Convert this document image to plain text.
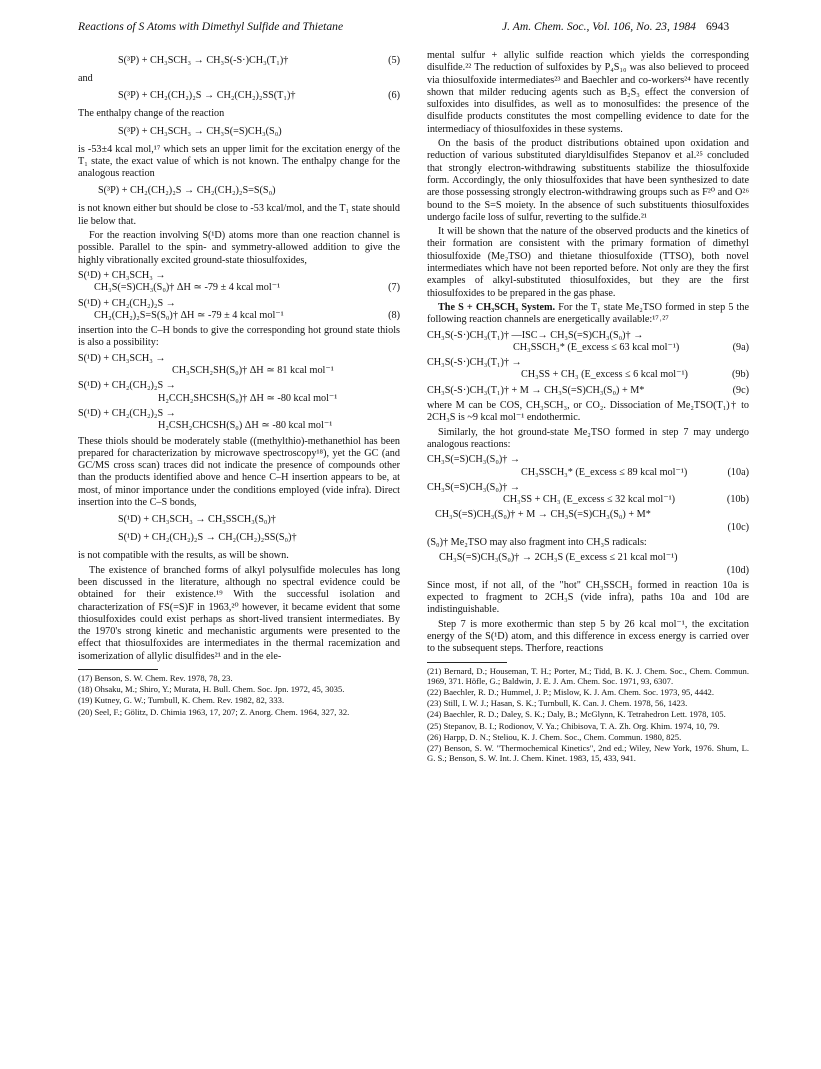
Reactions of S Atoms with Dimethyl Sulfide and Thietane	J. Am. Chem. Soc., Vol. 106, No. 23, 1984 6943
S(³P) + CH₃SCH₃ → CH₃S(-S·)CH₃(T₁)†	(5)
and
S(³P) + CH₂(CH₂)₂S → CH₂(CH₂)₂SS(T₁)†	(6)
The enthalpy change of the reaction
S(³P) + CH₃SCH₃ → CH₃S(=S)CH₃(S₀)
is -53±4 kcal mol,¹⁷ which sets an upper limit for the excitation energy of the T₁ state, the exact value of which is not known. The enthalpy change for the analogous reaction
S(³P) + CH₂(CH₂)₂S → CH₂(CH₂)₂S=S(S₀)
is not known either but should be close to -53 kcal/mol, and the T₁ state should lie below that.
For the reaction involving S(¹D) atoms more than one reaction channel is possible. Parallel to the spin- and symmetry-allowed addition to give the highly vibrationally excited ground-state thiosulfoxides,
S(¹D) + CH₃SCH₃ →
CH₃S(=S)CH₃(S₀)† ΔH ≃ -79 ± 4 kcal mol⁻¹	(7)
S(¹D) + CH₂(CH₂)₂S →
CH₂(CH₂)₂S=S(S₀)† ΔH ≃ -79 ± 4 kcal mol⁻¹	(8)
insertion into the C–H bonds to give the corresponding hot ground state thiols is also a possibility:
S(¹D) + CH₃SCH₃ →
CH₃SCH₂SH(S₀)† ΔH ≃ 81 kcal mol⁻¹
S(¹D) + CH₂(CH₂)₂S →
H₂CCH₂SHCSH(S₀)† ΔH ≃ -80 kcal mol⁻¹
S(¹D) + CH₂(CH₂)₂S →
H₂CSH₂CHCSH(S₀) ΔH ≃ -80 kcal mol⁻¹
These thiols should be moderately stable ((methylthio)-methanethiol has been prepared for characterization by microwave spectroscopy¹⁸), yet the GC (and GC/MS cross scan) traces did not indicate the presence of compounds other than the products identified above and hence C–H insertion appears to be, at most, of minor importance under the conditions employed (vide infra). Direct insertion into the C–S bonds,
S(¹D) + CH₃SCH₃ → CH₃SSCH₃(S₀)†
S(¹D) + CH₂(CH₂)₂S → CH₂(CH₂)₂SS(S₀)†
is not compatible with the results, as will be shown.
The existence of branched forms of alkyl polysulfide molecules has long been discussed in the literature, although no spectral evidence could be obtained for their existence.¹⁹ With the successful isolation and characterization of FS(=S)F in 1963,²⁰ however, it became evident that some thiosulfoxides could exist perhaps as short-lived transient intermediates. By the 1970's strong kinetic and mechanistic arguments were presented to the effect that thiosulfoxides are intermediates in the thermal racemization and isomerization of allylic disulfides²¹ and in the ele-
(17) Benson, S. W. Chem. Rev. 1978, 78, 23.
(18) Ohsaku, M.; Shiro, Y.; Murata, H. Bull. Chem. Soc. Jpn. 1972, 45, 3035.
(19) Kutney, G. W.; Turnbull, K. Chem. Rev. 1982, 82, 333.
(20) Seel, F.; Gölitz, D. Chimia 1963, 17, 207; Z. Anorg. Chem. 1964, 327, 32.
mental sulfur + allylic sulfide reaction which yields the corresponding disulfide.²² The reduction of sulfoxides by P₄S₁₀ was also believed to proceed via thiosulfoxide intermediates²³ and Baechler and co-workers²⁴ have recently shown that milder reducing agents such as B₂S₃ effect the conversion of sulfoxides into disulfides, as well as to monosulfides: the presence of the disulfide products constitutes the most compelling evidence to date for the intermediacy of thiosulfoxides in these systems.
On the basis of the product distributions obtained upon oxidation and reduction of various substituted diaryldisulfides Stepanov et al.²⁵ concluded that strongly electron-withdrawing substituents stabilize the thiosulfoxide form. Accordingly, the only thiosulfoxides that have been synthesized to date are those possessing strongly electron-withdrawing groups such as F²⁰ and O²⁶ bound to the S=S moiety. In the absence of such substituents thiosulfoxides undergo facile loss of sulfur, reverting to the sulfide.²¹
It will be shown that the nature of the observed products and the kinetics of their formation are consistent with the primary formation of dimethyl thiosulfoxide (Me₂TSO) and thietane thiosulfoxide (TTSO), both novel intermediates which have not been reported before. Not only are they the first examples of alkyl-substituted thiosulfoxides, but they are the first thiosulfoxides to be prepared in the gas phase.
The S + CH₃SCH₃ System. For the T₁ state Me₂TSO formed in step 5 the following reaction channels are energetically available:¹⁷˒²⁷
CH₃S(-S·)CH₃(T₁)† —ISC→ CH₃S(=S)CH₃(S₀)† →
CH₃SSCH₃* (E_excess ≤ 63 kcal mol⁻¹)	(9a)
CH₃S(-S·)CH₃(T₁)† →
CH₃SS + CH₃ (E_excess ≤ 6 kcal mol⁻¹)	(9b)
CH₃S(-S·)CH₃(T₁)† + M → CH₃S(=S)CH₃(S₀) + M*	(9c)
where M can be COS, CH₃SCH₃, or CO₂. Dissociation of Me₂TSO(T₁)† to 2CH₃S is ~9 kcal mol⁻¹ endothermic.
Similarly, the hot ground-state Me₂TSO formed in step 7 may undergo analogous reactions:
CH₃S(=S)CH₃(S₀)† →
CH₃SSCH₃* (E_excess ≤ 89 kcal mol⁻¹)	(10a)
CH₃S(=S)CH₃(S₀)† →
CH₃SS + CH₃ (E_excess ≤ 32 kcal mol⁻¹)	(10b)
CH₃S(=S)CH₃(S₀)† + M → CH₃S(=S)CH₃(S₀) + M*
(10c)
(S₀)† Me₂TSO may also fragment into CH₃S radicals:
CH₃S(=S)CH₃(S₀)† → 2CH₃S (E_excess ≤ 21 kcal mol⁻¹)
(10d)
Since most, if not all, of the "hot" CH₃SSCH₃ formed in reaction 10a is expected to fragment to 2CH₃S (vide infra), paths 10a and 10d are indistinguishable.
Step 7 is more exothermic than step 5 by 26 kcal mol⁻¹, the excitation energy of the S(¹D) atom, and this difference in excess energy is carried over to the subsequent steps. Therfore, reactions
(21) Bernard, D.; Houseman, T. H.; Porter, M.; Tidd, B. K. J. Chem. Soc., Chem. Commun. 1969, 371. Höfle, G.; Baldwin, J. E. J. Am. Chem. Soc. 1971, 93, 6307.
(22) Baechler, R. D.; Hummel, J. P.; Mislow, K. J. Am. Chem. Soc. 1973, 95, 4442.
(23) Still, I. W. J.; Hasan, S. K.; Turnbull, K. Can. J. Chem. 1978, 56, 1423.
(24) Baechler, R. D.; Daley, S. K.; Daly, B.; McGlynn, K. Tetrahedron Lett. 1978, 105.
(25) Stepanov, B. I.; Rodionov, V. Ya.; Chibisova, T. A. Zh. Org. Khim. 1974, 10, 79.
(26) Harpp, D. N.; Steliou, K. J. Chem. Soc., Chem. Commun. 1980, 825.
(27) Benson, S. W. "Thermochemical Kinetics", 2nd ed.; Wiley, New York, 1976. Shum, L. G. S.; Benson, S. W. Int. J. Chem. Kinet. 1983, 15, 433, 941.
